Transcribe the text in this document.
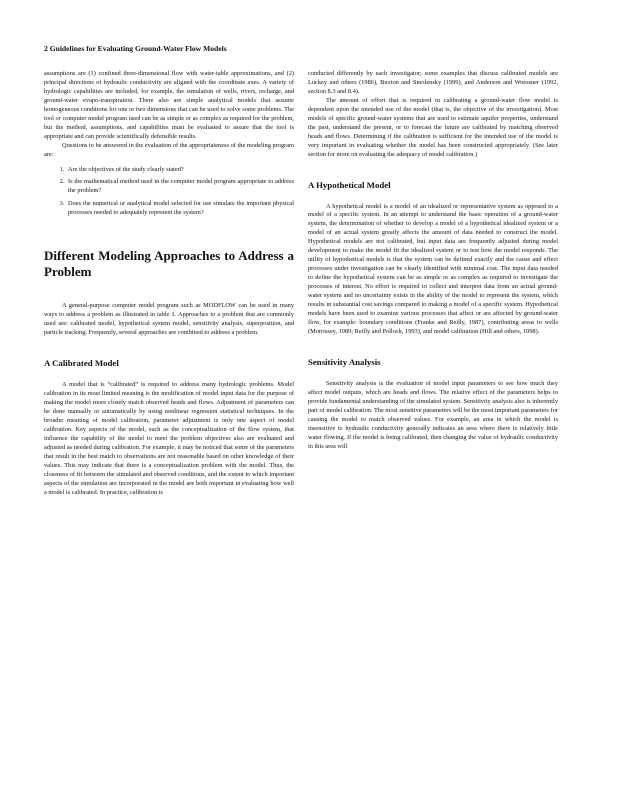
2 Guidelines for Evaluating Ground-Water Flow Models

assumptions are (1) confined three-dimensional flow with water-table approximations, and (2) principal directions of hydraulic conductivity are aligned with the coordinate axes. A variety of hydrologic capabilities are included, for example, the simulation of wells, rivers, recharge, and ground-water evapo-transpiration. There also are simple analytical models that assume homogeneous conditions for one or two dimensions that can be used to solve some problems. The tool or computer model program used can be as simple or as complex as required for the problem, but the method, assumptions, and capabilities must be evaluated to assure that the tool is appropriate and can provide scientifically defensible results.

Questions to be answered in the evaluation of the appropriateness of the modeling program are:

1. Are the objectives of the study clearly stated?
2. Is the mathematical method used in the computer model program appropriate to address the problem?
3. Does the numerical or analytical model selected for use simulate the important physical processes needed to adequately represent the system?
Different Modeling Approaches to Address a Problem

A general-purpose computer model program such as MODFLOW can be used in many ways to address a problem as illustrated in table 1. Approaches to a problem that are commonly used are: calibrated model, hypothetical system model, sensitivity analysis, superposition, and particle tracking. Frequently, several approaches are combined to address a problem.

A Calibrated Model

A model that is “calibrated” is required to address many hydrologic problems. Model calibration in its most limited meaning is the modification of model input data for the purpose of making the model more closely match observed heads and flows. Adjustment of parameters can be done manually or automatically by using nonlinear regression statistical techniques. In the broader meaning of model calibration, parameter adjustment is only one aspect of model calibration. Key aspects of the model, such as the conceptualization of the flow system, that influence the capability of the model to meet the problem objectives also are evaluated and adjusted as needed during calibration. For example, it may be noticed that some of the parameters that result in the best match to observations are not reasonable based on other knowledge of their values. This may indicate that there is a conceptualization problem with the model. Thus, the closeness of fit between the simulated and observed conditions, and the extent to which important aspects of the simulation are incorporated in the model are both important in evaluating how well a model is calibrated. In practice, calibration is

conducted differently by each investigator; some examples that discuss calibrated models are Luckey and others (1986), Buxton and Smolensky (1999), and Anderson and Woessner (1992, section 8.3 and 8.4).

The amount of effort that is required in calibrating a ground-water flow model is dependent upon the intended use of the model (that is, the objective of the investigation). Most models of specific ground-water systems that are used to estimate aquifer properties, understand the past, understand the present, or to forecast the future are calibrated by matching observed heads and flows. Determining if the calibration is sufficient for the intended use of the model is very important in evaluating whether the model has been constructed appropriately. (See later section for more on evaluating the adequacy of model calibration.)

A Hypothetical Model

A hypothetical model is a model of an idealized or representative system as opposed to a model of a specific system. In an attempt to understand the basic operation of a ground-water system, the determination of whether to develop a model of a hypothetical idealized system or a model of an actual system greatly affects the amount of data needed to construct the model. Hypothetical models are not calibrated, but input data are frequently adjusted during model development to make the model fit the idealized system or to test how the model responds. The utility of hypothetical models is that the system can be defined exactly and the cause and effect processes under investigation can be clearly identified with minimal cost. The input data needed to define the hypothetical system can be as simple or as complex as required to investigate the processes of interest. No effort is required to collect and interpret data from an actual ground-water system and no uncertainty exists in the ability of the model to represent the system, which results in substantial cost savings compared to making a model of a specific system. Hypothetical models have been used to examine various processes that affect or are affected by ground-water flow, for example: boundary conditions (Franke and Reilly, 1987), contributing areas to wells (Morrissey, 1989; Reilly and Pollock, 1993), and model calibration (Hill and others, 1998).

Sensitivity Analysis

Sensitivity analysis is the evaluation of model input parameters to see how much they affect model outputs, which are heads and flows. The relative effect of the parameters helps to provide fundamental understanding of the simulated system. Sensitivity analysis also is inherently part of model calibration. The most sensitive parameters will be the most important parameters for causing the model to match observed values. For example, an area in which the model is insensitive to hydraulic conductivity generally indicates an area where there is relatively little water flowing. If the model is being calibrated, then changing the value of hydraulic conductivity in this area will
